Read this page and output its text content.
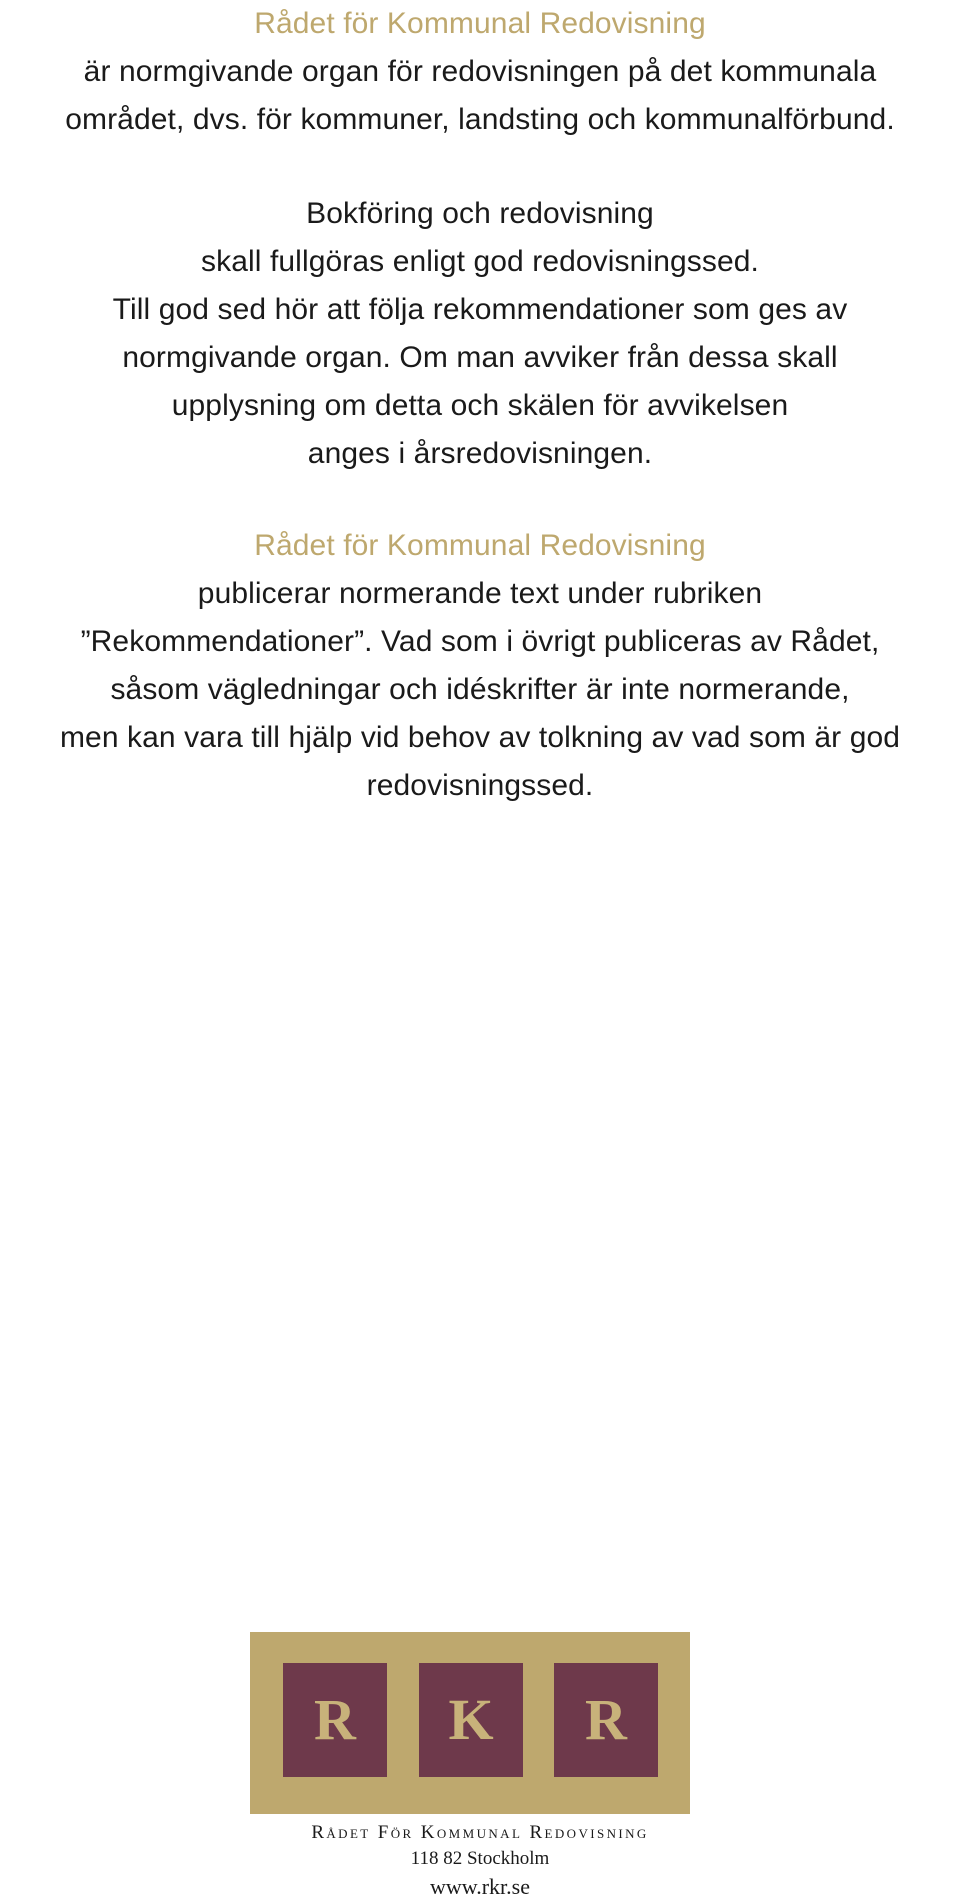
Rådet för Kommunal Redovisning
är normgivande organ för redovisningen på det kommunala
området, dvs. för kommuner, landsting och kommunalförbund.
Bokföring och redovisning
skall fullgöras enligt god redovisningssed.
Till god sed hör att följa rekommendationer som ges av
normgivande organ. Om man avviker från dessa skall
upplysning om detta och skälen för avvikelsen
anges i årsredovisningen.
Rådet för Kommunal Redovisning
publicerar normerande text under rubriken
”Rekommendationer”. Vad som i övrigt publiceras av Rådet,
såsom vägledningar och idéskrifter är inte normerande,
men kan vara till hjälp vid behov av tolkning av vad som är god
redovisningssed.
R	K	R
Rådet För Kommunal Redovisning
118 82 Stockholm
www.rkr.se
